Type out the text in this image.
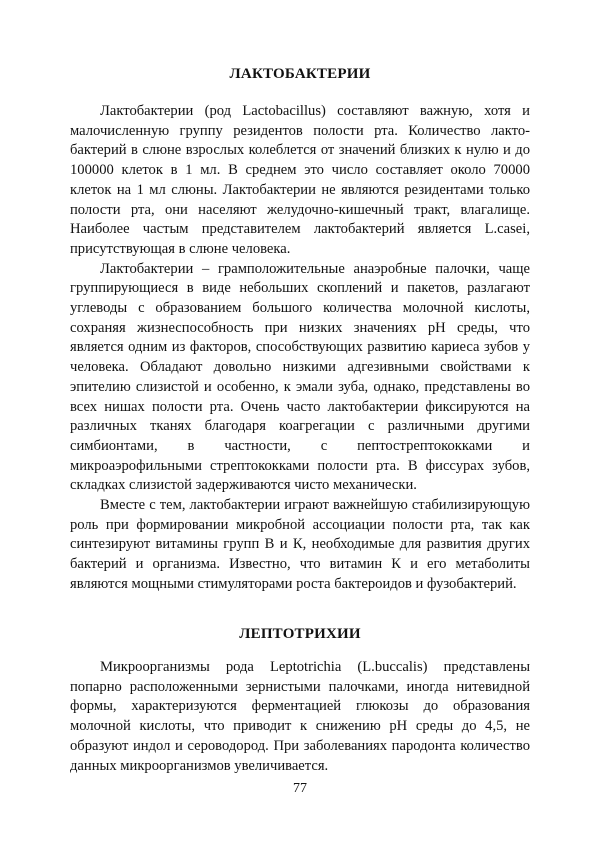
ЛАКТОБАКТЕРИИ

Лактобактерии (род Lactobacillus) составляют важную, хотя и малочисленную группу резидентов полости рта. Количество лактобактерий в слюне взрослых колеблется от значений близких к нулю и до 100000 клеток в 1 мл. В среднем это число составляет около 70000 клеток на 1 мл слюны. Лактобактерии не являются резидентами только полости рта, они населяют желудочно-кишечный тракт, влагалище. Наиболее частым представителем лактобактерий является L.casei, присутствующая в слюне человека.

Лактобактерии – грамположительные анаэробные палочки, чаще группирующиеся в виде небольших скоплений и пакетов, разлагают углеводы с образованием большого количества молочной кислоты, сохраняя жизнеспособность при низких значениях pH среды, что является одним из факторов, способствующих развитию кариеса зубов у человека. Обладают довольно низкими адгезивными свойствами к эпителию слизистой и особенно, к эмали зуба, однако, представлены во всех нишах полости рта. Очень часто лактобактерии фиксируются на различных тканях благодаря коагрегации с различными другими симбионтами, в частности, с пептострептококками и микроаэрофильными стрептококками полости рта. В фиссурах зубов, складках слизистой задерживаются чисто механически.

Вместе с тем, лактобактерии играют важнейшую стабилизирующую роль при формировании микробной ассоциации полости рта, так как синтезируют витамины групп В и К, необходимые для развития других бактерий и организма. Известно, что витамин К и его метаболиты являются мощными стимуляторами роста бактероидов и фузобактерий.

ЛЕПТОТРИХИИ

Микроорганизмы рода Leptotrichia (L.buccalis) представлены попарно расположенными зернистыми палочками, иногда нитевидной формы, характеризуются ферментацией глюкозы до образования молочной кислоты, что приводит к снижению pH среды до 4,5, не образуют индол и сероводород. При заболеваниях пародонта количество данных микроорганизмов увеличивается.

77
